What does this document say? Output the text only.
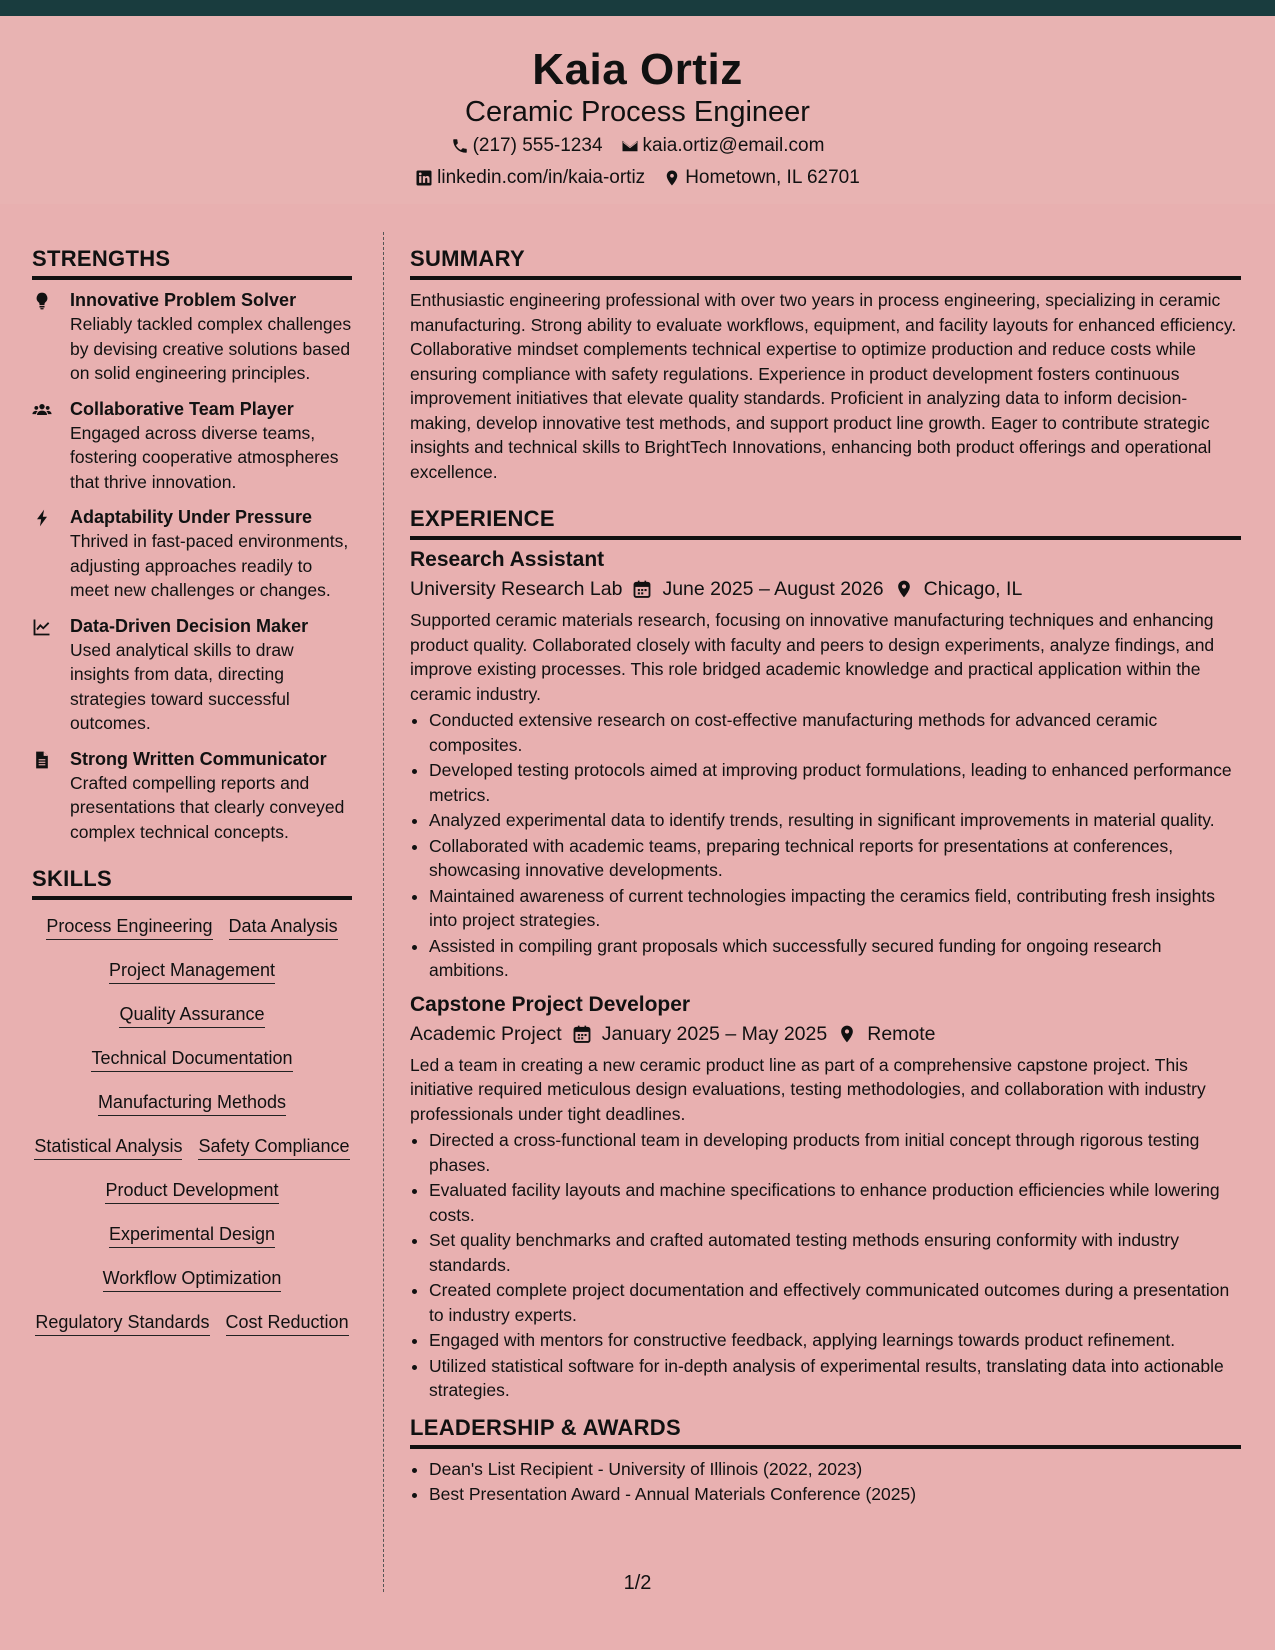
Kaia Ortiz
Ceramic Process Engineer
(217) 555-1234 kaia.ortiz@email.com
linkedin.com/in/kaia-ortiz Hometown, IL 62701
STRENGTHS
Innovative Problem Solver
Reliably tackled complex challenges by devising creative solutions based on solid engineering principles.
Collaborative Team Player
Engaged across diverse teams, fostering cooperative atmospheres that thrive innovation.
Adaptability Under Pressure
Thrived in fast-paced environments, adjusting approaches readily to meet new challenges or changes.
Data-Driven Decision Maker
Used analytical skills to draw insights from data, directing strategies toward successful outcomes.
Strong Written Communicator
Crafted compelling reports and presentations that clearly conveyed complex technical concepts.
SKILLS
Process Engineering Data Analysis
Project Management
Quality Assurance
Technical Documentation
Manufacturing Methods
Statistical Analysis Safety Compliance
Product Development
Experimental Design
Workflow Optimization
Regulatory Standards Cost Reduction
SUMMARY
Enthusiastic engineering professional with over two years in process engineering, specializing in ceramic manufacturing. Strong ability to evaluate workflows, equipment, and facility layouts for enhanced efficiency. Collaborative mindset complements technical expertise to optimize production and reduce costs while ensuring compliance with safety regulations. Experience in product development fosters continuous improvement initiatives that elevate quality standards. Proficient in analyzing data to inform decision-making, develop innovative test methods, and support product line growth. Eager to contribute strategic insights and technical skills to BrightTech Innovations, enhancing both product offerings and operational excellence.
EXPERIENCE
Research Assistant
University Research Lab June 2025 – August 2026 Chicago, IL
Supported ceramic materials research, focusing on innovative manufacturing techniques and enhancing product quality. Collaborated closely with faculty and peers to design experiments, analyze findings, and improve existing processes. This role bridged academic knowledge and practical application within the ceramic industry.
• Conducted extensive research on cost-effective manufacturing methods for advanced ceramic composites.
• Developed testing protocols aimed at improving product formulations, leading to enhanced performance metrics.
• Analyzed experimental data to identify trends, resulting in significant improvements in material quality.
• Collaborated with academic teams, preparing technical reports for presentations at conferences, showcasing innovative developments.
• Maintained awareness of current technologies impacting the ceramics field, contributing fresh insights into project strategies.
• Assisted in compiling grant proposals which successfully secured funding for ongoing research ambitions.
Capstone Project Developer
Academic Project January 2025 – May 2025 Remote
Led a team in creating a new ceramic product line as part of a comprehensive capstone project. This initiative required meticulous design evaluations, testing methodologies, and collaboration with industry professionals under tight deadlines.
• Directed a cross-functional team in developing products from initial concept through rigorous testing phases.
• Evaluated facility layouts and machine specifications to enhance production efficiencies while lowering costs.
• Set quality benchmarks and crafted automated testing methods ensuring conformity with industry standards.
• Created complete project documentation and effectively communicated outcomes during a presentation to industry experts.
• Engaged with mentors for constructive feedback, applying learnings towards product refinement.
• Utilized statistical software for in-depth analysis of experimental results, translating data into actionable strategies.
LEADERSHIP & AWARDS
• Dean's List Recipient - University of Illinois (2022, 2023)
• Best Presentation Award - Annual Materials Conference (2025)
1/2
